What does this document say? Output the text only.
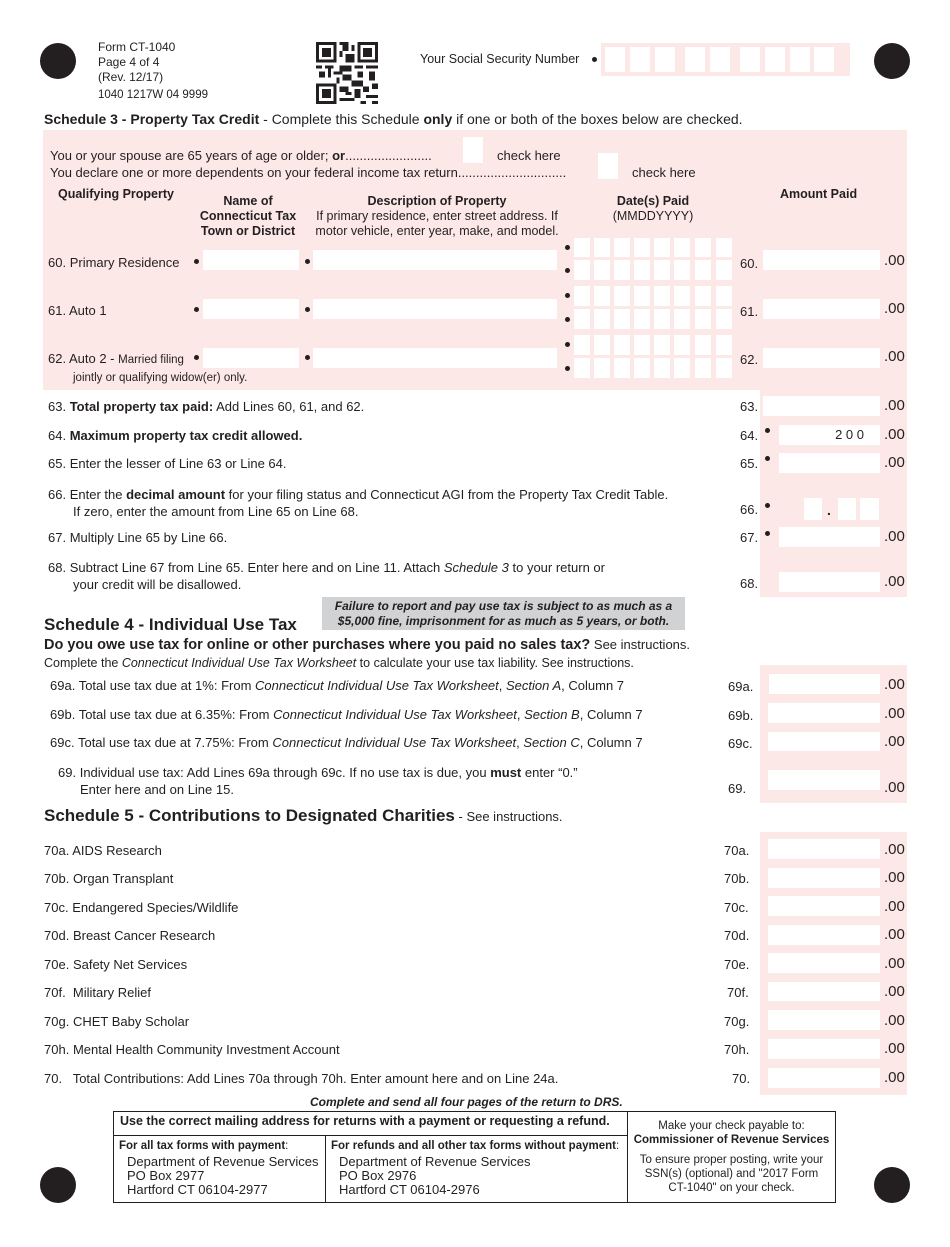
Form CT-1040
Page 4 of 4
(Rev. 12/17)
1040 1217W 04 9999
Your Social Security Number
Schedule 3 - Property Tax Credit - Complete this Schedule only if one or both of the boxes below are checked.
You or your spouse are 65 years of age or older; or........................	check here
You declare one or more dependents on your federal income tax return..............................	check here
Qualifying Property	Name of
Connecticut Tax
Town or District
Description of Property
If primary residence, enter street address. If
motor vehicle, enter year, make, and model.
Date(s) Paid
(MMDDYYYY)
Amount Paid
60. Primary Residence	60.	.00
61. Auto 1	61.	.00
62. Auto 2 - Married filing
jointly or qualifying widow(er) only.
62.	.00
63. Total property tax paid: Add Lines 60, 61, and 62.	63.	.00
64. Maximum property tax credit allowed.	64.	2 0 0	.00
65. Enter the lesser of Line 63 or Line 64.	65.	.00
66. Enter the decimal amount for your filing status and Connecticut AGI from the Property Tax Credit Table.
If zero, enter the amount from Line 65 on Line 68.	66.	.
67. Multiply Line 65 by Line 66.	67.	.00
68. Subtract Line 67 from Line 65. Enter here and on Line 11. Attach Schedule 3 to your return or
your credit will be disallowed.	68.	.00
Schedule 4 - Individual Use Tax
Failure to report and pay use tax is subject to as much as a
$5,000 fine, imprisonment for as much as 5 years, or both.
Do you owe use tax for online or other purchases where you paid no sales tax? See instructions.
Complete the Connecticut Individual Use Tax Worksheet to calculate your use tax liability. See instructions.
69a. Total use tax due at 1%: From Connecticut Individual Use Tax Worksheet, Section A, Column 7	69a.	.00
69b. Total use tax due at 6.35%: From Connecticut Individual Use Tax Worksheet, Section B, Column 7	69b.	.00
69c. Total use tax due at 7.75%: From Connecticut Individual Use Tax Worksheet, Section C, Column 7	69c.	.00
69. Individual use tax: Add Lines 69a through 69c. If no use tax is due, you must enter “0.”
Enter here and on Line 15.	69.	.00
Schedule 5 - Contributions to Designated Charities - See instructions.
70a. AIDS Research	70a.	.00
70b. Organ Transplant	70b.	.00
70c. Endangered Species/Wildlife	70c.	.00
70d. Breast Cancer Research	70d.	.00
70e. Safety Net Services	70e.	.00
70f. Military Relief	70f.	.00
70g. CHET Baby Scholar	70g.	.00
70h. Mental Health Community Investment Account	70h.	.00
70. Total Contributions: Add Lines 70a through 70h. Enter amount here and on Line 24a.	70.	.00
Complete and send all four pages of the return to DRS.
Use the correct mailing address for returns with a payment or requesting a refund.		Make your check payable to:
Commissioner of Revenue Services
To ensure proper posting, write your
SSN(s) (optional) and "2017 Form
CT-1040" on your check.

For all tax forms with payment:
Department of Revenue Services
PO Box 2977
Hartford CT 06104-2977

For refunds and all other tax forms without payment:
Department of Revenue Services
PO Box 2976
Hartford CT 06104-2976
